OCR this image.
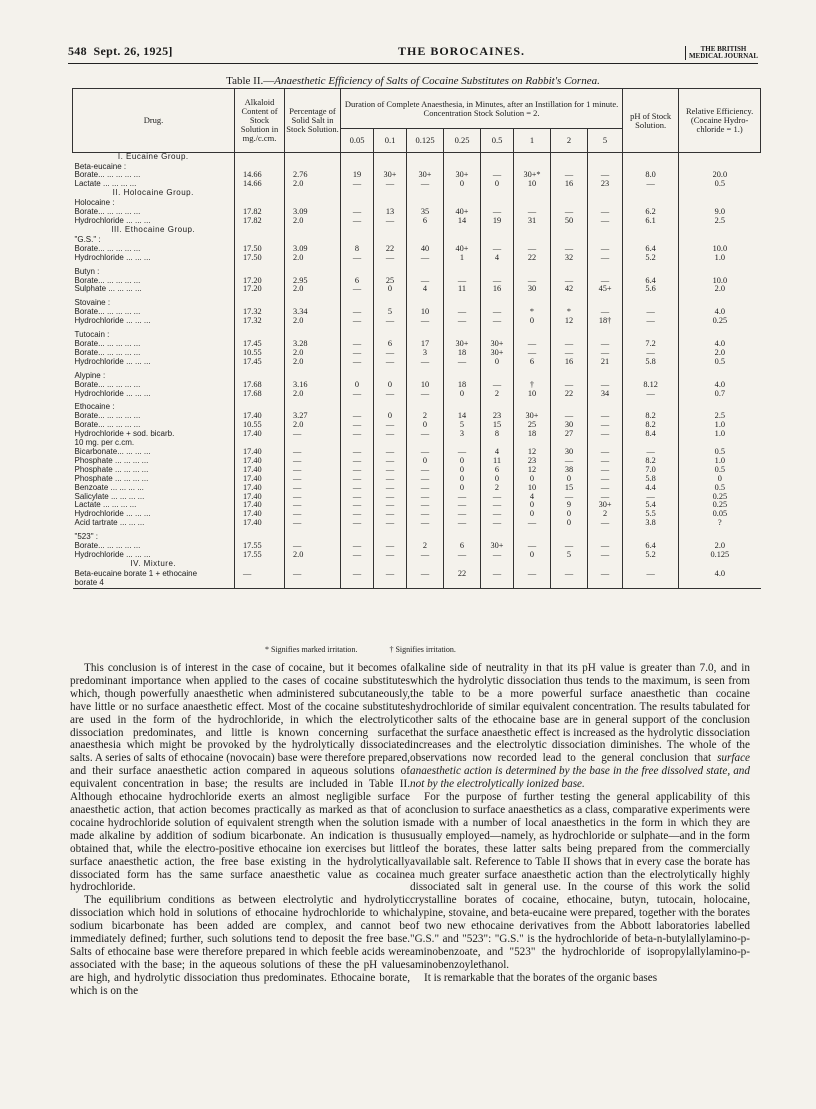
548 Sept. 26, 1925]	THE BOROCAINES.	THE BRITISH
MEDICAL JOURNAL
Table II.—Anaesthetic Efficiency of Salts of Cocaine Substitutes on Rabbit's Cornea.
Drug.	Alkaloid Content of Stock Solution in mg./c.cm.	Percentage of Solid Salt in Stock Solution.	Duration of Complete Anaesthesia, in Minutes, after an Instillation for 1 minute. Concentration Stock Solution = 2.								pH of Stock Solution.	Relative Efficiency. (Cocaine Hydro-chloride = 1.)
			0.05	0.1	0.125	0.25	0.5	1	2	5		
I. Eucaine Group.												
Beta-eucaine :												
Borate... ... ... ... ...	14.66	2.76	19	30+	30+	30+	—	30+*	—	—	8.0	20.0
Lactate ... ... ... ...	14.66	2.0	—	—	—	0	0	10	16	23	—	0.5
II. Holocaine Group.												
Holocaine :												
Borate... ... ... ... ...	17.82	3.09	—	13	35	40+	—	—	—	—	6.2	9.0
Hydrochloride ... ... ...	17.82	2.0	—	—	6	14	19	31	50	—	6.1	2.5
III. Ethocaine Group.												
"G.S." :												
Borate... ... ... ... ...	17.50	3.09	8	22	40	40+	—	—	—	—	6.4	10.0
Hydrochloride ... ... ...	17.50	2.0	—	—	—	1	4	22	32	—	5.2	1.0

Butyn :												
Borate... ... ... ... ...	17.20	2.95	6	25	—	—	—	—	—	—	6.4	10.0
Sulphate ... ... ... ...	17.20	2.0	—	0	4	11	16	30	42	45+	5.6	2.0

Stovaine :												
Borate... ... ... ... ...	17.32	3.34	—	5	10	—	—	*	*	—	—	4.0
Hydrochloride ... ... ...	17.32	2.0	—	—	—	—	—	0	12	18†	—	0.25

Tutocain :												
Borate... ... ... ... ...	17.45	3.28	—	6	17	30+	30+	—	—	—	7.2	4.0
Borate... ... ... ... ...	10.55	2.0	—	—	3	18	30+	—	—	—	—	2.0
Hydrochloride ... ... ...	17.45	2.0	—	—	—	—	0	6	16	21	5.8	0.5

Alypine :												
Borate... ... ... ... ...	17.68	3.16	0	0	10	18	—	†	—	—	8.12	4.0
Hydrochloride ... ... ...	17.68	2.0	—	—	—	0	2	10	22	34	—	0.7

Ethocaine :												
Borate... ... ... ... ...	17.40	3.27	—	0	2	14	23	30+	—	—	8.2	2.5
Borate... ... ... ... ...	10.55	2.0	—	—	0	5	15	25	30	—	8.2	1.0
Hydrochloride + sod. bicarb.	17.40	—	—	—	—	3	8	18	27	—	8.4	1.0
10 mg. per c.cm.												
Bicarbonate... ... ... ...	17.40	—	—	—	—	—	4	12	30	—	—	0.5
Phosphate ... ... ... ...	17.40	—	—	—	0	0	11	23	—	—	8.2	1.0
Phosphate ... ... ... ...	17.40	—	—	—	—	0	6	12	38	—	7.0	0.5
Phosphate ... ... ... ...	17.40	—	—	—	—	0	0	0	0	—	5.8	0
Benzoate ... ... ... ...	17.40	—	—	—	—	0	2	10	15	—	4.4	0.5
Salicylate ... ... ... ...	17.40	—	—	—	—	—	—	4	—	—	—	0.25
Lactate ... ... ... ...	17.40	—	—	—	—	—	—	0	9	30+	5.4	0.25
Hydrochloride ... ... ...	17.40	—	—	—	—	—	—	0	0	2	5.5	0.05
Acid tartrate ... ... ...	17.40	—	—	—	—	—	—	—	0	—	3.8	?

"523" :												
Borate... ... ... ... ...	17.55	—	—	—	2	6	30+	—	—	—	6.4	2.0
Hydrochloride ... ... ...	17.55	2.0	—	—	—	—	—	0	5	—	5.2	0.125
IV. Mixture.												
Beta-eucaine borate 1 + ethocaine	—	—	—	—	—	22	—	—	—	—	—	4.0
borate 4												
* Signifies marked irritation.	† Signifies irritation.

This conclusion is of interest in the case of cocaine, but it becomes of predominant importance when applied to the cases of cocaine substitutes which, though powerfully anaesthetic when administered subcutaneously, have little or no surface anaesthetic effect. Most of the cocaine substitutes are used in the form of the hydrochloride, in which the electrolytic dissociation predominates, and little is known concerning surface anaesthesia which might be provoked by the hydrolytically dissociated salts. A series of salts of ethocaine (novocain) base were therefore prepared, and their surface anaesthetic action compared in aqueous solutions of equivalent concentration in base; the results are included in Table II. Although ethocaine hydrochloride exerts an almost negligible surface anaesthetic action, that action becomes practically as marked as that of a cocaine hydrochloride solution of equivalent strength when the solution is made alkaline by addition of sodium bicarbonate. An indication is thus obtained that, while the electro-positive ethocaine ion exercises but little surface anaesthetic action, the free base existing in the hydrolytically dissociated form has the same surface anaesthetic value as cocaine hydrochloride.

The equilibrium conditions as between electrolytic and hydrolytic dissociation which hold in solutions of ethocaine hydrochloride to which sodium bicarbonate has been added are complex, and cannot be immediately defined; further, such solutions tend to deposit the free base. Salts of ethocaine base were therefore prepared in which feeble acids were associated with the base; in the aqueous solutions of these the pH values are high, and hydrolytic dissociation thus predominates. Ethocaine borate, which is on the

alkaline side of neutrality in that its pH value is greater than 7.0, and in which the hydrolytic dissociation thus tends to the maximum, is seen from the table to be a more powerful surface anaesthetic than cocaine hydrochloride of similar equivalent concentration. The results tabulated for other salts of the ethocaine base are in general support of the conclusion that the surface anaesthetic effect is increased as the hydrolytic dissociation increases and the electrolytic dissociation diminishes. The whole of the observations now recorded lead to the general conclusion that surface anaesthetic action is determined by the base in the free dissolved state, and not by the electrolytically ionized base.

For the purpose of further testing the general applicability of this conclusion to surface anaesthetics as a class, comparative experiments were made with a number of local anaesthetics in the form in which they are usually employed—namely, as hydrochloride or sulphate—and in the form of the borates, these latter salts being prepared from the commercially available salt. Reference to Table II shows that in every case the borate has a much greater surface anaesthetic action than the electrolytically highly dissociated salt in general use. In the course of this work the solid crystalline borates of cocaine, ethocaine, butyn, tutocain, holocaine, alypine, stovaine, and beta-eucaine were prepared, together with the borates of two new ethocaine derivatives from the Abbott laboratories labelled "G.S." and "523": "G.S." is the hydrochloride of beta-n-butylallylamino-p-aminobenzoate, and "523" the hydrochloride of isopropylallylamino-p-aminobenzoylethanol.

It is remarkable that the borates of the organic bases
